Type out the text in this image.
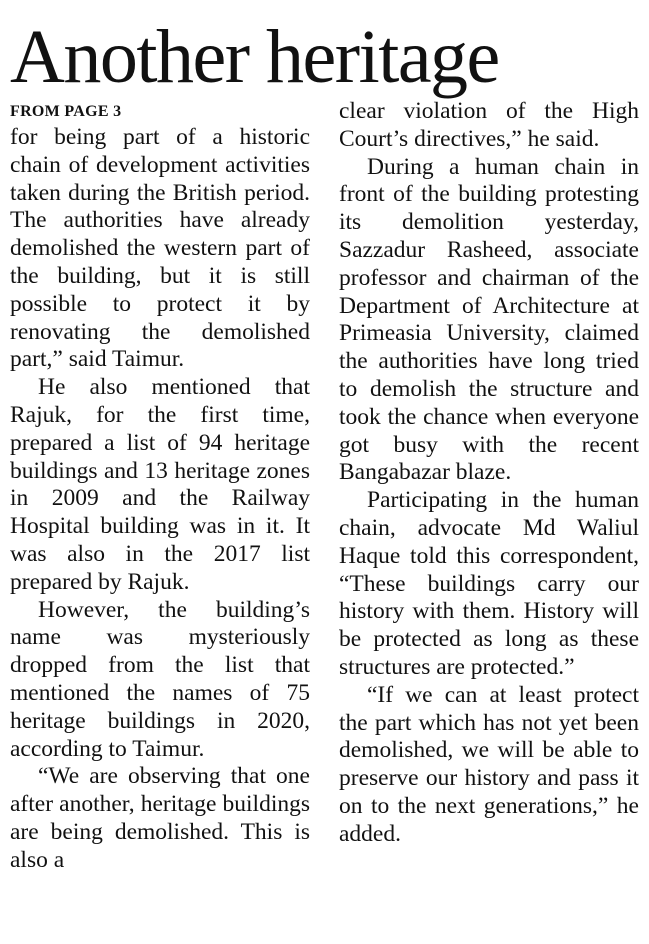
Another heritage
FROM PAGE 3

for being part of a historic chain of development activities taken during the British period. The authorities have already demolished the western part of the building, but it is still possible to protect it by renovating the demolished part,” said Taimur.

He also mentioned that Rajuk, for the first time, prepared a list of 94 heritage buildings and 13 heritage zones in 2009 and the Railway Hospital building was in it. It was also in the 2017 list prepared by Rajuk.

However, the building’s name was mysteriously dropped from the list that mentioned the names of 75 heritage buildings in 2020, according to Taimur.

“We are observing that one after another, heritage buildings are being demolished. This is also a

clear violation of the High Court’s directives,” he said.

During a human chain in front of the building protesting its demolition yesterday, Sazzadur Rasheed, associate professor and chairman of the Department of Architecture at Primeasia University, claimed the authorities have long tried to demolish the structure and took the chance when everyone got busy with the recent Bangabazar blaze.

Participating in the human chain, advocate Md Waliul Haque told this correspondent, “These buildings carry our history with them. History will be protected as long as these structures are protected.”

“If we can at least protect the part which has not yet been demolished, we will be able to preserve our history and pass it on to the next generations,” he added.
